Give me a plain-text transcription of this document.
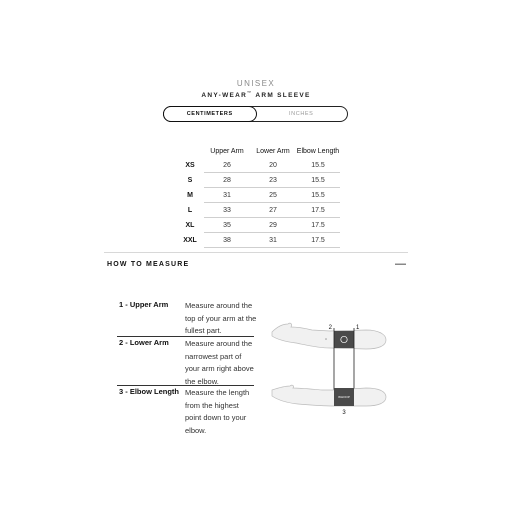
UNISEX
ANY-WEAR™ ARM SLEEVE
CENTIMETERS	INCHES
	Upper Arm	Lower Arm	Elbow Length
XS	26	20	15.5
S	28	23	15.5
M	31	25	15.5
L	33	27	17.5
XL	35	29	17.5
XXL	38	31	17.5
HOW TO MEASURE	—
1 - Upper Arm Measure around the top of your arm at the fullest part.
2 - Lower Arm Measure around the narrowest part of your arm right above the elbow.
3 - Elbow Length Measure the length from the highest point down to your elbow.
2	1
WHOOP
3
